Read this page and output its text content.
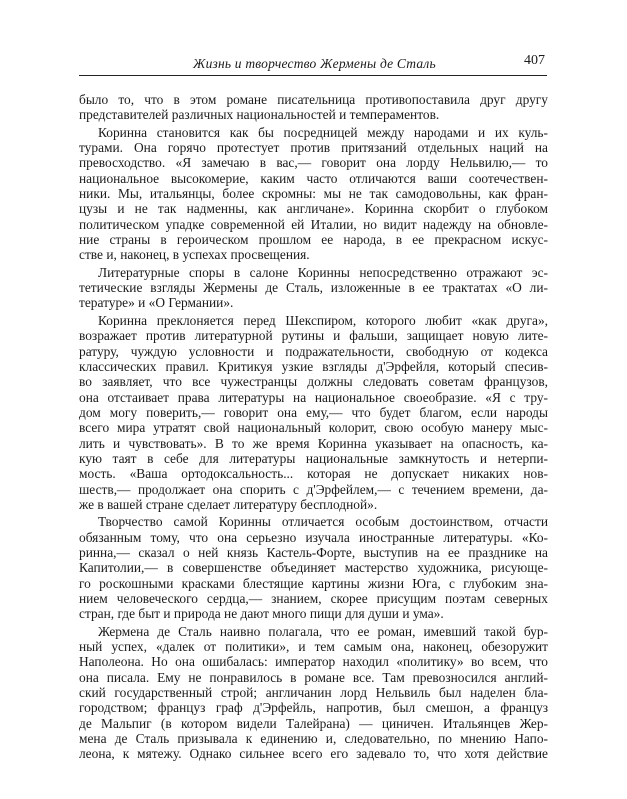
Жизнь и творчество Жермены де Сталь	407
было то, что в этом романе писательница противопоставила друг другу
представителей различных национальностей и темпераментов.
Коринна становится как бы посредницей между народами и их куль-
турами. Она горячо протестует против притязаний отдельных наций на
превосходство. «Я замечаю в вас,— говорит она лорду Нельвилю,— то
национальное высокомерие, каким часто отличаются ваши соотечествен-
ники. Мы, итальянцы, более скромны: мы не так самодовольны, как фран-
цузы и не так надменны, как англичане». Коринна скорбит о глубоком
политическом упадке современной ей Италии, но видит надежду на обновле-
ние страны в героическом прошлом ее народа, в ее прекрасном искус-
стве и, наконец, в успехах просвещения.
Литературные споры в салоне Коринны непосредственно отражают эс-
тетические взгляды Жермены де Сталь, изложенные в ее трактатах «О ли-
тературе» и «О Германии».
Коринна преклоняется перед Шекспиром, которого любит «как друга»,
возражает против литературной рутины и фальши, защищает новую лите-
ратуру, чуждую условности и подражательности, свободную от кодекса
классических правил. Критикуя узкие взгляды д'Эрфейля, который спесив-
во заявляет, что все чужестранцы должны следовать советам французов,
она отстаивает права литературы на национальное своеобразие. «Я с тру-
дом могу поверить,— говорит она ему,— что будет благом, если народы
всего мира утратят свой национальный колорит, свою особую манеру мыс-
лить и чувствовать». В то же время Коринна указывает на опасность, ка-
кую таят в себе для литературы национальные замкнутость и нетерпи-
мость. «Ваша ортодоксальность... которая не допускает никаких нов-
шеств,— продолжает она спорить с д'Эрфейлем,— с течением времени, да-
же в вашей стране сделает литературу бесплодной».
Творчество самой Коринны отличается особым достоинством, отчасти
обязанным тому, что она серьезно изучала иностранные литературы. «Ко-
ринна,— сказал о ней князь Кастель-Форте, выступив на ее празднике на
Капитолии,— в совершенстве объединяет мастерство художника, рисующе-
го роскошными красками блестящие картины жизни Юга, с глубоким зна-
нием человеческого сердца,— знанием, скорее присущим поэтам северных
стран, где быт и природа не дают много пищи для души и ума».
Жермена де Сталь наивно полагала, что ее роман, имевший такой бур-
ный успех, «далек от политики», и тем самым она, наконец, обезоружит
Наполеона. Но она ошибалась: император находил «политику» во всем, что
она писала. Ему не понравилось в романе все. Там превозносился англий-
ский государственный строй; англичанин лорд Нельвиль был наделен бла-
городством; француз граф д'Эрфейль, напротив, был смешон, а француз
де Мальпиг (в котором видели Талейрана) — циничен. Итальянцев Жер-
мена де Сталь призывала к единению и, следовательно, по мнению Напо-
леона, к мятежу. Однако сильнее всего его задевало то, что хотя действие
